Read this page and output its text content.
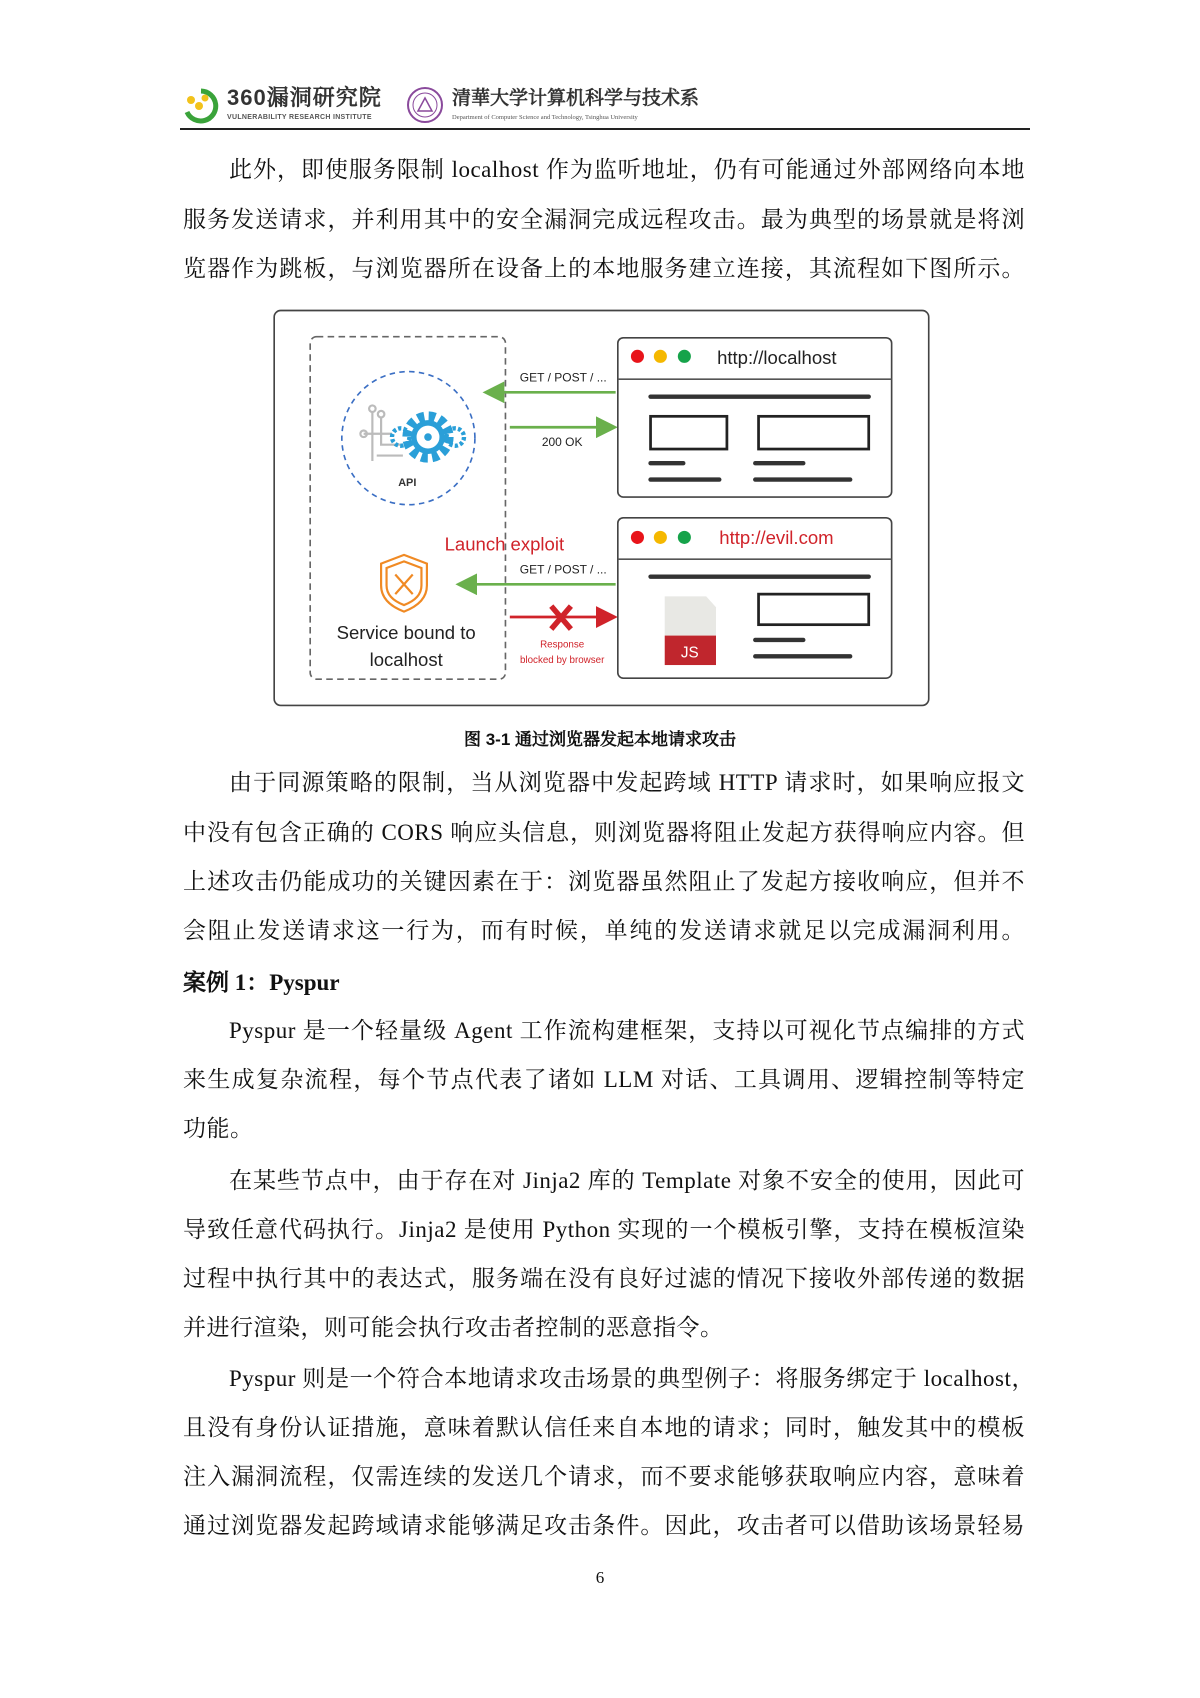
360漏洞研究院
VULNERABILITY RESEARCH INSTITUTE
清華大学计算机科学与技术系
Department of Computer Science and Technology, Tsinghua University
此外，即使服务限制 localhost 作为监听地址，仍有可能通过外部网络向本地
服务发送请求，并利用其中的安全漏洞完成远程攻击。最为典型的场景就是将浏
览器作为跳板，与浏览器所在设备上的本地服务建立连接，其流程如下图所示。
API
Service bound to
localhost
Launch exploit
GET / POST / ...
200 OK
GET / POST / ...
Response
blocked by browser
http://localhost
http://evil.com
JS
图 3-1 通过浏览器发起本地请求攻击
由于同源策略的限制，当从浏览器中发起跨域 HTTP 请求时，如果响应报文
中没有包含正确的 CORS 响应头信息，则浏览器将阻止发起方获得响应内容。但
上述攻击仍能成功的关键因素在于：浏览器虽然阻止了发起方接收响应，但并不
会阻止发送请求这一行为，而有时候，单纯的发送请求就足以完成漏洞利用。
案例 1：Pyspur
Pyspur 是一个轻量级 Agent 工作流构建框架，支持以可视化节点编排的方式
来生成复杂流程，每个节点代表了诸如 LLM 对话、工具调用、逻辑控制等特定
功能。
在某些节点中，由于存在对 Jinja2 库的 Template 对象不安全的使用，因此可
导致任意代码执行。Jinja2 是使用 Python 实现的一个模板引擎，支持在模板渲染
过程中执行其中的表达式，服务端在没有良好过滤的情况下接收外部传递的数据
并进行渲染，则可能会执行攻击者控制的恶意指令。
Pyspur 则是一个符合本地请求攻击场景的典型例子：将服务绑定于 localhost，
且没有身份认证措施，意味着默认信任来自本地的请求；同时，触发其中的模板
注入漏洞流程，仅需连续的发送几个请求，而不要求能够获取响应内容，意味着
通过浏览器发起跨域请求能够满足攻击条件。因此，攻击者可以借助该场景轻易
6
